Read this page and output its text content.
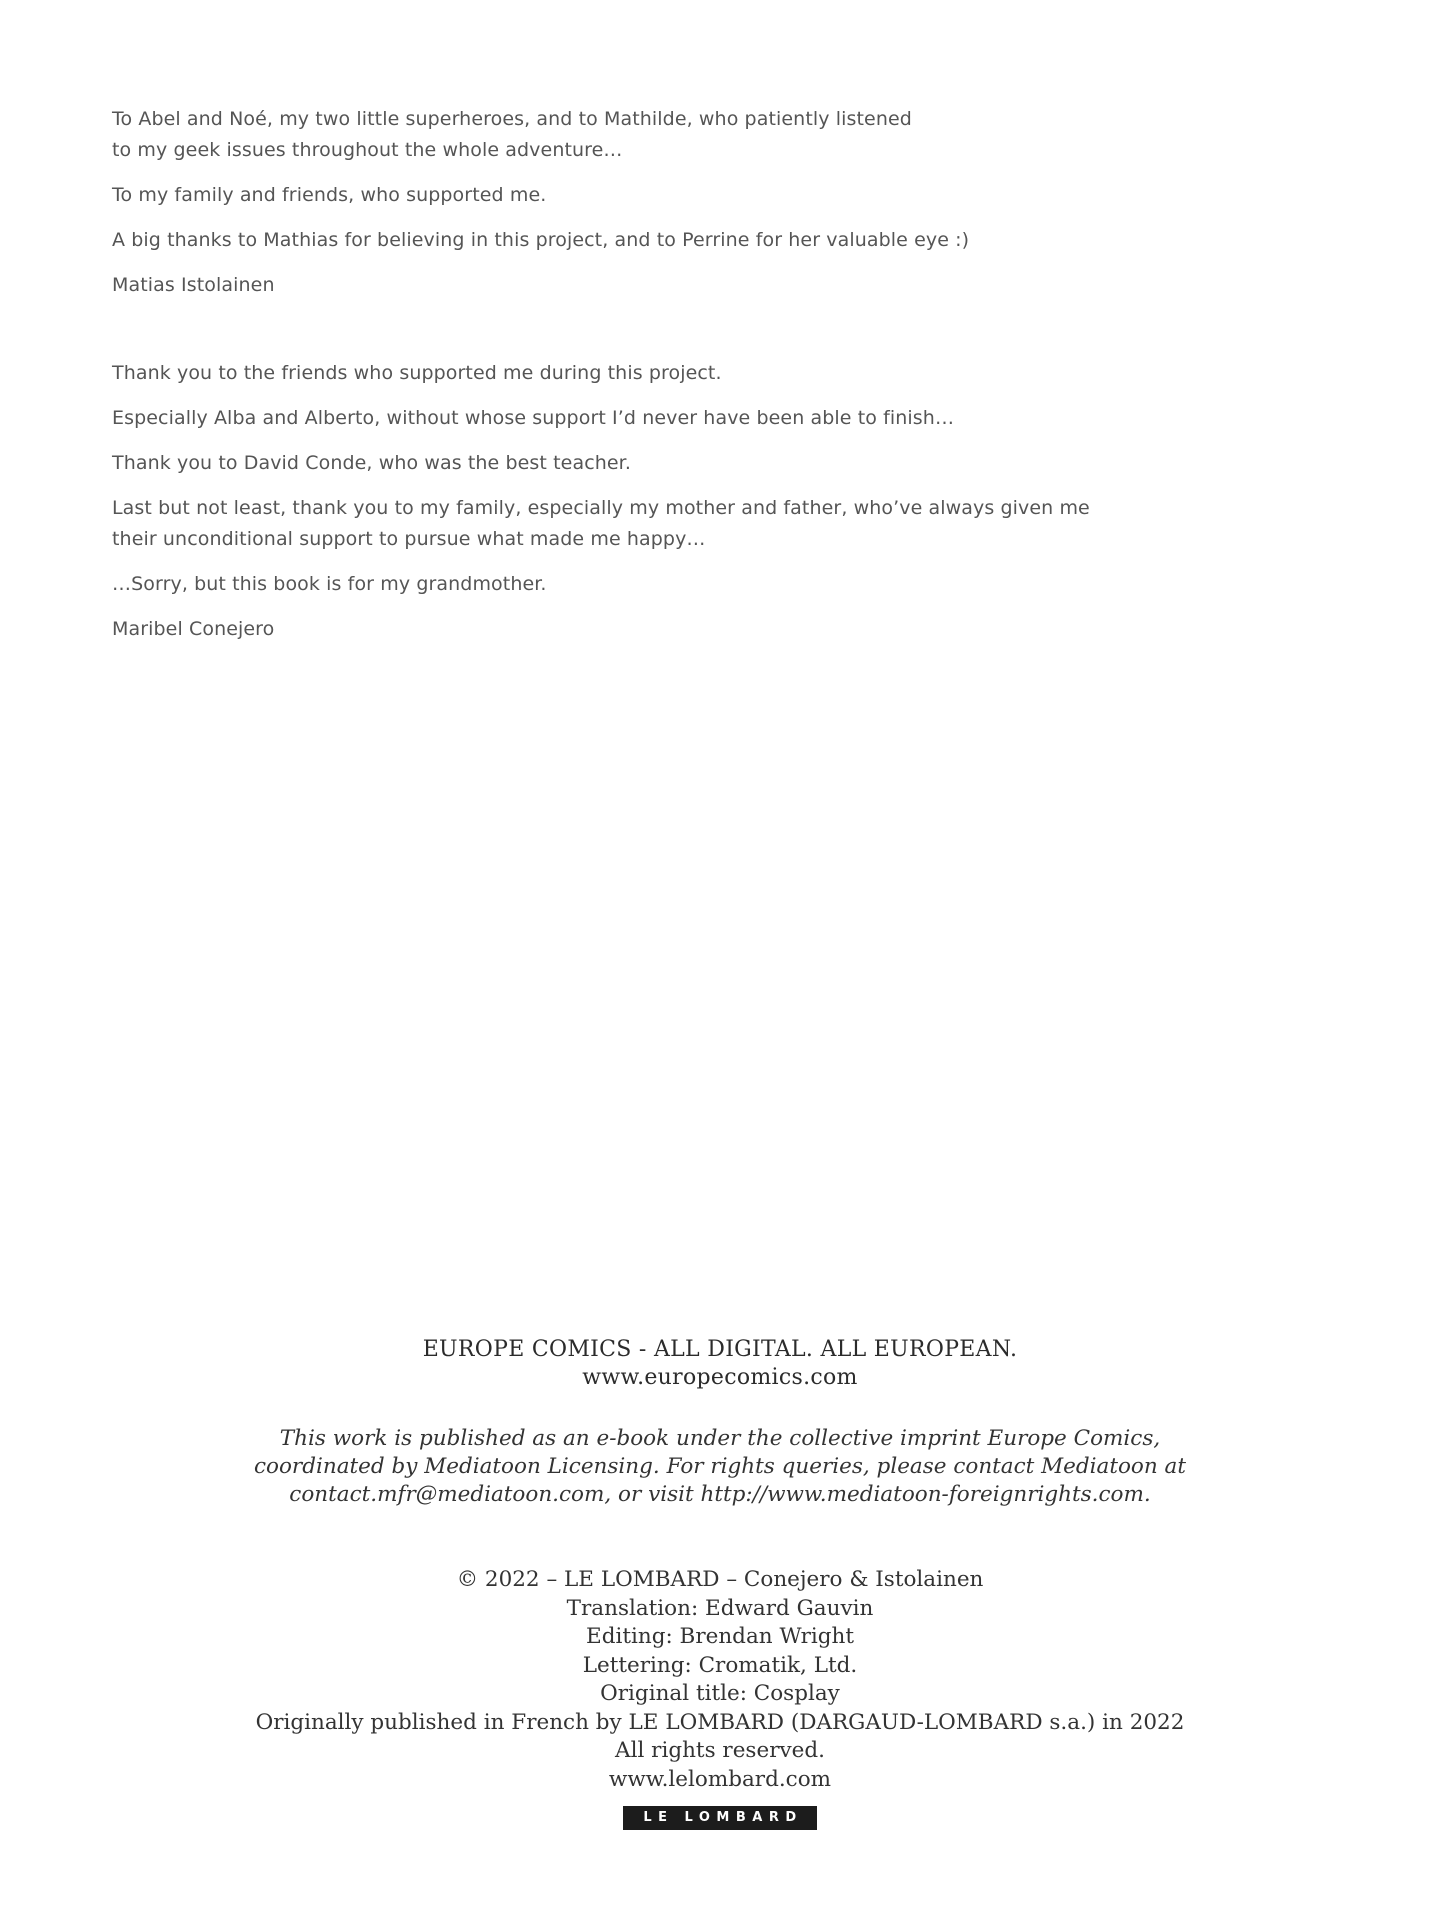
To Abel and Noé, my two little superheroes, and to Mathilde, who patiently listened
to my geek issues throughout the whole adventure…

To my family and friends, who supported me.

A big thanks to Mathias for believing in this project, and to Perrine for her valuable eye :)

Matias Istolainen

Thank you to the friends who supported me during this project.

Especially Alba and Alberto, without whose support I’d never have been able to finish…

Thank you to David Conde, who was the best teacher.

Last but not least, thank you to my family, especially my mother and father, who’ve always given me
their unconditional support to pursue what made me happy…

…Sorry, but this book is for my grandmother.

Maribel Conejero

EUROPE COMICS - ALL DIGITAL. ALL EUROPEAN.
www.europecomics.com
This work is published as an e-book under the collective imprint Europe Comics,
coordinated by Mediatoon Licensing. For rights queries, please contact Mediatoon at
contact.mfr@mediatoon.com, or visit http://www.mediatoon-foreignrights.com.
© 2022 – LE LOMBARD – Conejero & Istolainen
Translation: Edward Gauvin
Editing: Brendan Wright
Lettering: Cromatik, Ltd.
Original title: Cosplay
Originally published in French by LE LOMBARD (DARGAUD-LOMBARD s.a.) in 2022
All rights reserved.
www.lelombard.com
LE LOMBARD
